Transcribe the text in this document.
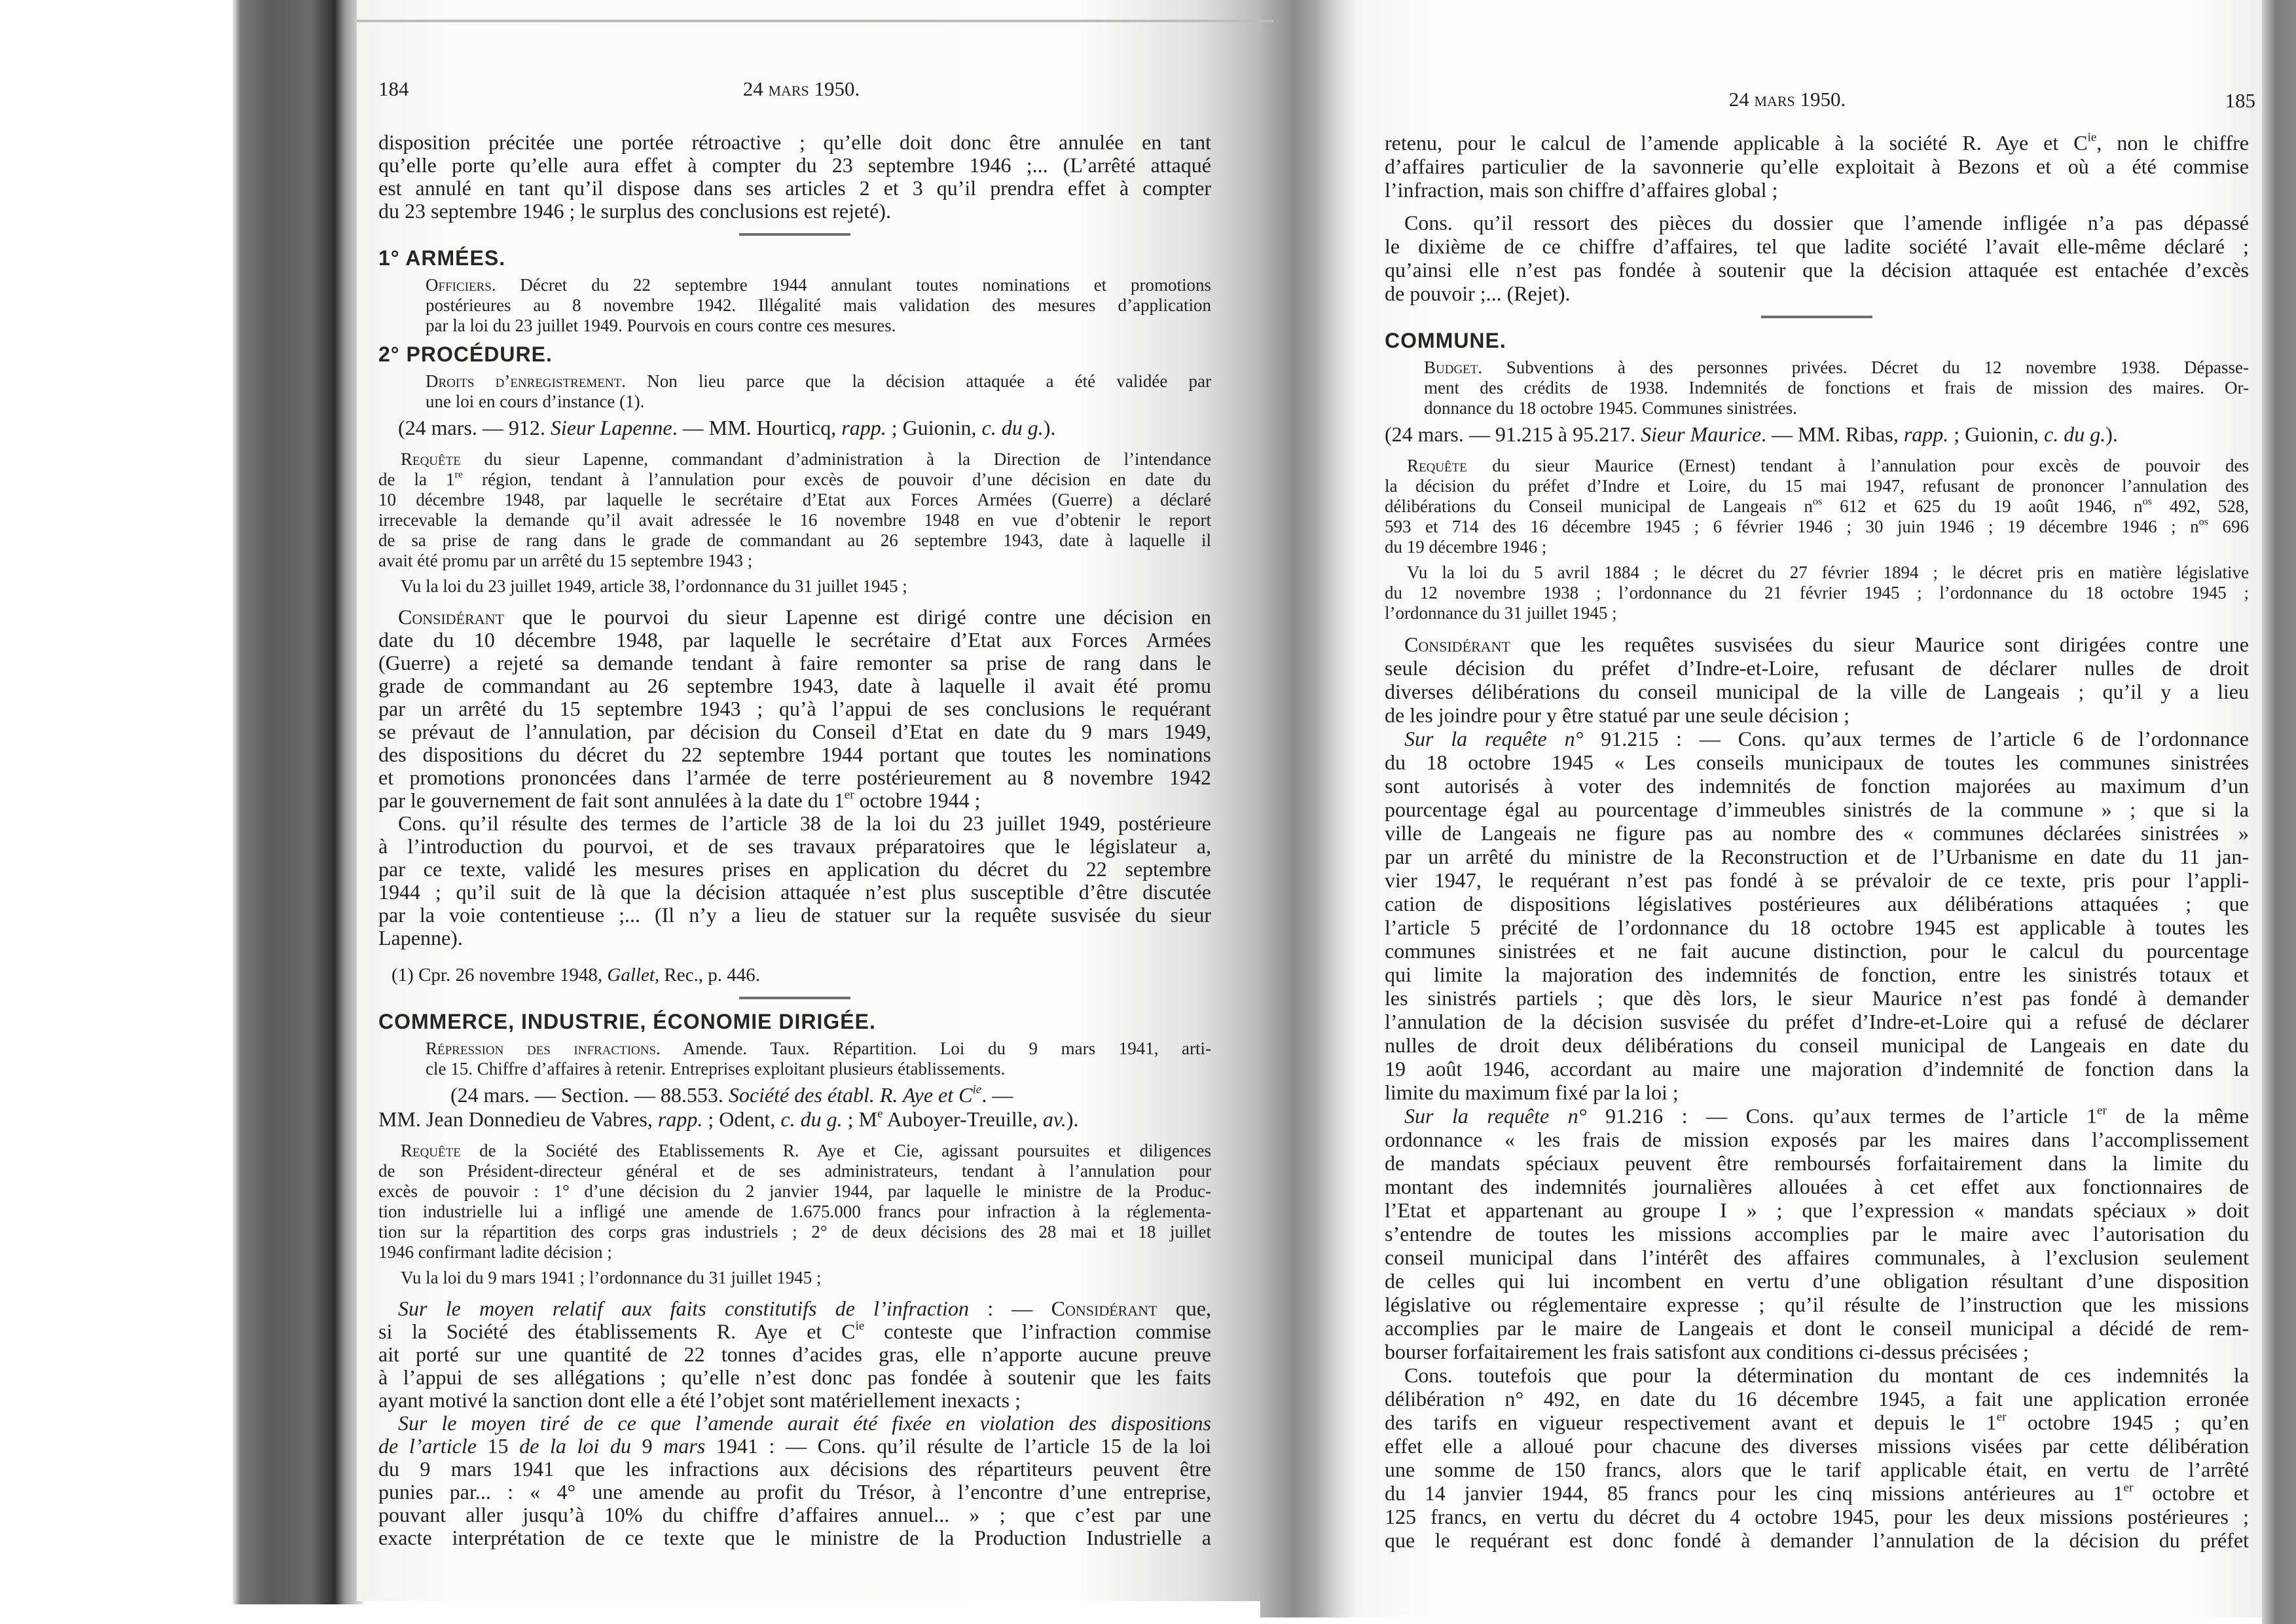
184	24 mars 1950.
disposition précitée une portée rétroactive ; qu’elle doit donc être annulée en tant
qu’elle porte qu’elle aura effet à compter du 23 septembre 1946 ;... (L’arrêté attaqué
est annulé en tant qu’il dispose dans ses articles 2 et 3 qu’il prendra effet à compter
du 23 septembre 1946 ; le surplus des conclusions est rejeté).
1° ARMÉES.
Officiers. Décret du 22 septembre 1944 annulant toutes nominations et promotions
postérieures au 8 novembre 1942. Illégalité mais validation des mesures d’application
par la loi du 23 juillet 1949. Pourvois en cours contre ces mesures.
2° PROCÉDURE.
Droits d’enregistrement. Non lieu parce que la décision attaquée a été validée par
une loi en cours d’instance (1).
(24 mars. — 912. Sieur Lapenne. — MM. Hourticq, rapp. ; Guionin, c. du g.).
Requête du sieur Lapenne, commandant d’administration à la Direction de l’intendance
de la 1re région, tendant à l’annulation pour excès de pouvoir d’une décision en date du
10 décembre 1948, par laquelle le secrétaire d’Etat aux Forces Armées (Guerre) a déclaré
irrecevable la demande qu’il avait adressée le 16 novembre 1948 en vue d’obtenir le report
de sa prise de rang dans le grade de commandant au 26 septembre 1943, date à laquelle il
avait été promu par un arrêté du 15 septembre 1943 ;
Vu la loi du 23 juillet 1949, article 38, l’ordonnance du 31 juillet 1945 ;
Considérant que le pourvoi du sieur Lapenne est dirigé contre une décision en
date du 10 décembre 1948, par laquelle le secrétaire d’Etat aux Forces Armées
(Guerre) a rejeté sa demande tendant à faire remonter sa prise de rang dans le
grade de commandant au 26 septembre 1943, date à laquelle il avait été promu
par un arrêté du 15 septembre 1943 ; qu’à l’appui de ses conclusions le requérant
se prévaut de l’annulation, par décision du Conseil d’Etat en date du 9 mars 1949,
des dispositions du décret du 22 septembre 1944 portant que toutes les nominations
et promotions prononcées dans l’armée de terre postérieurement au 8 novembre 1942
par le gouvernement de fait sont annulées à la date du 1er octobre 1944 ;
Cons. qu’il résulte des termes de l’article 38 de la loi du 23 juillet 1949, postérieure
à l’introduction du pourvoi, et de ses travaux préparatoires que le législateur a,
par ce texte, validé les mesures prises en application du décret du 22 septembre
1944 ; qu’il suit de là que la décision attaquée n’est plus susceptible d’être discutée
par la voie contentieuse ;... (Il n’y a lieu de statuer sur la requête susvisée du sieur
Lapenne).
(1) Cpr. 26 novembre 1948, Gallet, Rec., p. 446.
COMMERCE, INDUSTRIE, ÉCONOMIE DIRIGÉE.
Répression des infractions. Amende. Taux. Répartition. Loi du 9 mars 1941, arti-
cle 15. Chiffre d’affaires à retenir. Entreprises exploitant plusieurs établissements.
(24 mars. — Section. — 88.553. Société des établ. R. Aye et $C^{ie}$. —
MM. Jean Donnedieu de Vabres, rapp. ; Odent, c. du g. ; Me Auboyer-Treuille, av.).
Requête de la Société des Etablissements R. Aye et Cie, agissant poursuites et diligences
de son Président-directeur général et de ses administrateurs, tendant à l’annulation pour
excès de pouvoir : 1° d’une décision du 2 janvier 1944, par laquelle le ministre de la Produc-
tion industrielle lui a infligé une amende de 1.675.000 francs pour infraction à la réglementa-
tion sur la répartition des corps gras industriels ; 2° de deux décisions des 28 mai et 18 juillet
1946 confirmant ladite décision ;
Vu la loi du 9 mars 1941 ; l’ordonnance du 31 juillet 1945 ;
Sur le moyen relatif aux faits constitutifs de l’infraction : — Considérant que,
si la Société des établissements R. Aye et $C^{ie}$ conteste que l’infraction commise
ait porté sur une quantité de 22 tonnes d’acides gras, elle n’apporte aucune preuve
à l’appui de ses allégations ; qu’elle n’est donc pas fondée à soutenir que les faits
ayant motivé la sanction dont elle a été l’objet sont matériellement inexacts ;
Sur le moyen tiré de ce que l’amende aurait été fixée en violation des dispositions
de l’article 15 de la loi du 9 mars 1941 : — Cons. qu’il résulte de l’article 15 de la loi
du 9 mars 1941 que les infractions aux décisions des répartiteurs peuvent être
punies par... : « 4° une amende au profit du Trésor, à l’encontre d’une entreprise,
pouvant aller jusqu’à 10% du chiffre d’affaires annuel... » ; que c’est par une
exacte interprétation de ce texte que le ministre de la Production Industrielle a
24 mars 1950.	185
retenu, pour le calcul de l’amende applicable à la société R. Aye et $C^{ie}$, non le chiffre
d’affaires particulier de la savonnerie qu’elle exploitait à Bezons et où a été commise
l’infraction, mais son chiffre d’affaires global ;
Cons. qu’il ressort des pièces du dossier que l’amende infligée n’a pas dépassé
le dixième de ce chiffre d’affaires, tel que ladite société l’avait elle-même déclaré ;
qu’ainsi elle n’est pas fondée à soutenir que la décision attaquée est entachée d’excès
de pouvoir ;... (Rejet).
COMMUNE.
Budget. Subventions à des personnes privées. Décret du 12 novembre 1938. Dépasse-
ment des crédits de 1938. Indemnités de fonctions et frais de mission des maires. Or-
donnance du 18 octobre 1945. Communes sinistrées.
(24 mars. — 91.215 à 95.217. Sieur Maurice. — MM. Ribas, rapp. ; Guionin, c. du g.).
Requête du sieur Maurice (Ernest) tendant à l’annulation pour excès de pouvoir des
la décision du préfet d’Indre et Loire, du 15 mai 1947, refusant de prononcer l’annulation des
délibérations du Conseil municipal de Langeais $n^{os}$ 612 et 625 du 19 août 1946, $n^{os}$ 492, 528,
593 et 714 des 16 décembre 1945 ; 6 février 1946 ; 30 juin 1946 ; 19 décembre 1946 ; $n^{os}$ 696
du 19 décembre 1946 ;
Vu la loi du 5 avril 1884 ; le décret du 27 février 1894 ; le décret pris en matière législative
du 12 novembre 1938 ; l’ordonnance du 21 février 1945 ; l’ordonnance du 18 octobre 1945 ;
l’ordonnance du 31 juillet 1945 ;
Considérant que les requêtes susvisées du sieur Maurice sont dirigées contre une
seule décision du préfet d’Indre-et-Loire, refusant de déclarer nulles de droit
diverses délibérations du conseil municipal de la ville de Langeais ; qu’il y a lieu
de les joindre pour y être statué par une seule décision ;
Sur la requête n° 91.215 : — Cons. qu’aux termes de l’article 6 de l’ordonnance
du 18 octobre 1945 « Les conseils municipaux de toutes les communes sinistrées
sont autorisés à voter des indemnités de fonction majorées au maximum d’un
pourcentage égal au pourcentage d’immeubles sinistrés de la commune » ; que si la
ville de Langeais ne figure pas au nombre des « communes déclarées sinistrées »
par un arrêté du ministre de la Reconstruction et de l’Urbanisme en date du 11 jan-
vier 1947, le requérant n’est pas fondé à se prévaloir de ce texte, pris pour l’appli-
cation de dispositions législatives postérieures aux délibérations attaquées ; que
l’article 5 précité de l’ordonnance du 18 octobre 1945 est applicable à toutes les
communes sinistrées et ne fait aucune distinction, pour le calcul du pourcentage
qui limite la majoration des indemnités de fonction, entre les sinistrés totaux et
les sinistrés partiels ; que dès lors, le sieur Maurice n’est pas fondé à demander
l’annulation de la décision susvisée du préfet d’Indre-et-Loire qui a refusé de déclarer
nulles de droit deux délibérations du conseil municipal de Langeais en date du
19 août 1946, accordant au maire une majoration d’indemnité de fonction dans la
limite du maximum fixé par la loi ;
Sur la requête n° 91.216 : — Cons. qu’aux termes de l’article 1er de la même
ordonnance « les frais de mission exposés par les maires dans l’accomplissement
de mandats spéciaux peuvent être remboursés forfaitairement dans la limite du
montant des indemnités journalières allouées à cet effet aux fonctionnaires de
l’Etat et appartenant au groupe I » ; que l’expression « mandats spéciaux » doit
s’entendre de toutes les missions accomplies par le maire avec l’autorisation du
conseil municipal dans l’intérêt des affaires communales, à l’exclusion seulement
de celles qui lui incombent en vertu d’une obligation résultant d’une disposition
législative ou réglementaire expresse ; qu’il résulte de l’instruction que les missions
accomplies par le maire de Langeais et dont le conseil municipal a décidé de rem-
bourser forfaitairement les frais satisfont aux conditions ci-dessus précisées ;
Cons. toutefois que pour la détermination du montant de ces indemnités la
délibération n° 492, en date du 16 décembre 1945, a fait une application erronée
des tarifs en vigueur respectivement avant et depuis le 1er octobre 1945 ; qu’en
effet elle a alloué pour chacune des diverses missions visées par cette délibération
une somme de 150 francs, alors que le tarif applicable était, en vertu de l’arrêté
du 14 janvier 1944, 85 francs pour les cinq missions antérieures au 1er octobre et
125 francs, en vertu du décret du 4 octobre 1945, pour les deux missions postérieures ;
que le requérant est donc fondé à demander l’annulation de la décision du préfet
